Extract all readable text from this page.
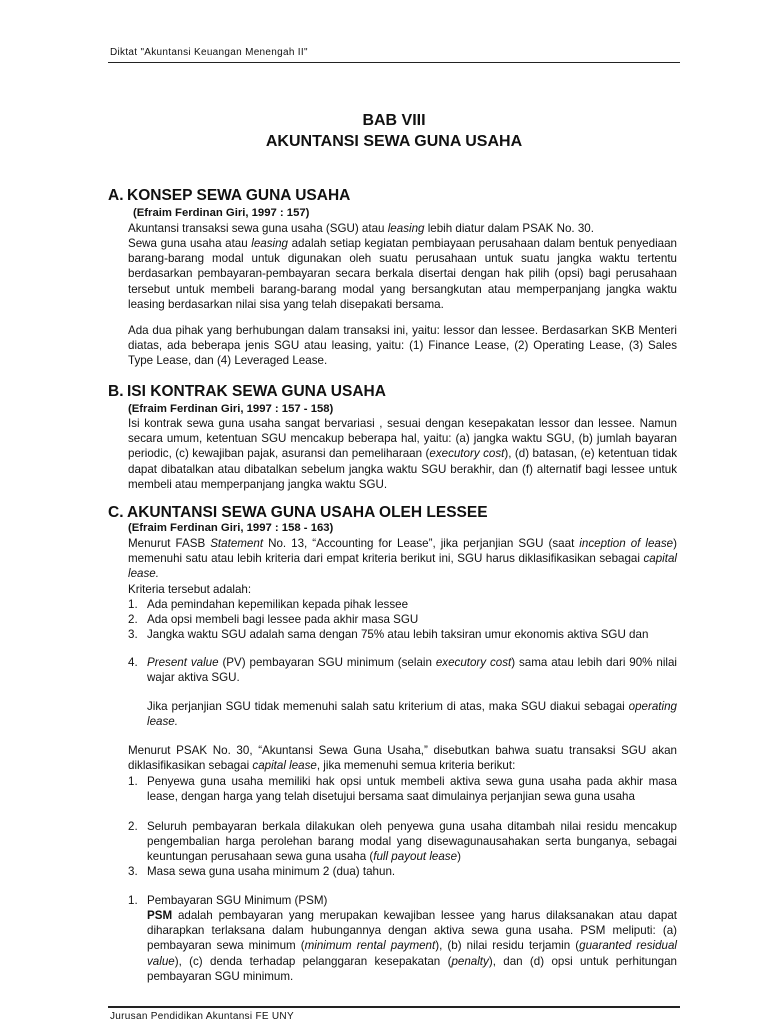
Diktat "Akuntansi Keuangan Menengah II"
BAB VIII
AKUNTANSI SEWA GUNA USAHA
A. KONSEP SEWA GUNA USAHA
(Efraim Ferdinan Giri, 1997 : 157)
Akuntansi transaksi sewa guna usaha (SGU) atau leasing lebih diatur dalam PSAK No. 30.
Sewa guna usaha atau leasing adalah setiap kegiatan pembiayaan perusahaan dalam bentuk penyediaan barang-barang modal untuk digunakan oleh suatu perusahaan untuk suatu jangka waktu tertentu berdasarkan pembayaran-pembayaran secara berkala disertai dengan hak pilih (opsi) bagi perusahaan tersebut untuk membeli barang-barang modal yang bersangkutan atau memperpanjang jangka waktu leasing berdasarkan nilai sisa yang telah disepakati bersama.
Ada dua pihak yang berhubungan dalam transaksi ini, yaitu: lessor dan lessee. Berdasarkan SKB Menteri diatas, ada beberapa jenis SGU atau leasing, yaitu: (1) Finance Lease, (2) Operating Lease, (3) Sales Type Lease, dan (4) Leveraged Lease.
B. ISI KONTRAK SEWA GUNA USAHA
(Efraim Ferdinan Giri, 1997 : 157 - 158)
Isi kontrak sewa guna usaha sangat bervariasi , sesuai dengan kesepakatan lessor dan lessee. Namun secara umum, ketentuan SGU mencakup beberapa hal, yaitu: (a) jangka waktu SGU, (b) jumlah bayaran periodic, (c) kewajiban pajak, asuransi dan pemeliharaan (executory cost), (d) batasan, (e) ketentuan tidak dapat dibatalkan atau dibatalkan sebelum jangka waktu SGU berakhir, dan (f) alternatif bagi lessee untuk membeli atau memperpanjang jangka waktu SGU.
C. AKUNTANSI SEWA GUNA USAHA OLEH LESSEE
(Efraim Ferdinan Giri, 1997 : 158 - 163)
Menurut FASB Statement No. 13, “Accounting for Lease”, jika perjanjian SGU (saat inception of lease) memenuhi satu atau lebih kriteria dari empat kriteria berikut ini, SGU harus diklasifikasikan sebagai capital lease.
Kriteria tersebut adalah:
1. Ada pemindahan kepemilikan kepada pihak lessee
2. Ada opsi membeli bagi lessee pada akhir masa SGU
3. Jangka waktu SGU adalah sama dengan 75% atau lebih taksiran umur ekonomis aktiva SGU dan
4. Present value (PV) pembayaran SGU minimum (selain executory cost) sama atau lebih dari 90% nilai wajar aktiva SGU.
Jika perjanjian SGU tidak memenuhi salah satu kriterium di atas, maka SGU diakui sebagai operating lease.
Menurut PSAK No. 30, “Akuntansi Sewa Guna Usaha,” disebutkan bahwa suatu transaksi SGU akan diklasifikasikan sebagai capital lease, jika memenuhi semua kriteria berikut:
1. Penyewa guna usaha memiliki hak opsi untuk membeli aktiva sewa guna usaha pada akhir masa lease, dengan harga yang telah disetujui bersama saat dimulainya perjanjian sewa guna usaha
2. Seluruh pembayaran berkala dilakukan oleh penyewa guna usaha ditambah nilai residu mencakup pengembalian harga perolehan barang modal yang disewagunausahakan serta bunganya, sebagai keuntungan perusahaan sewa guna usaha (full payout lease)
3. Masa sewa guna usaha minimum 2 (dua) tahun.
1. Pembayaran SGU Minimum (PSM)
PSM adalah pembayaran yang merupakan kewajiban lessee yang harus dilaksanakan atau dapat diharapkan terlaksana dalam hubungannya dengan aktiva sewa guna usaha. PSM meliputi: (a) pembayaran sewa minimum (minimum rental payment), (b) nilai residu terjamin (guaranted residual value), (c) denda terhadap pelanggaran kesepakatan (penalty), dan (d) opsi untuk perhitungan pembayaran SGU minimum.
Jurusan Pendidikan Akuntansi FE UNY
